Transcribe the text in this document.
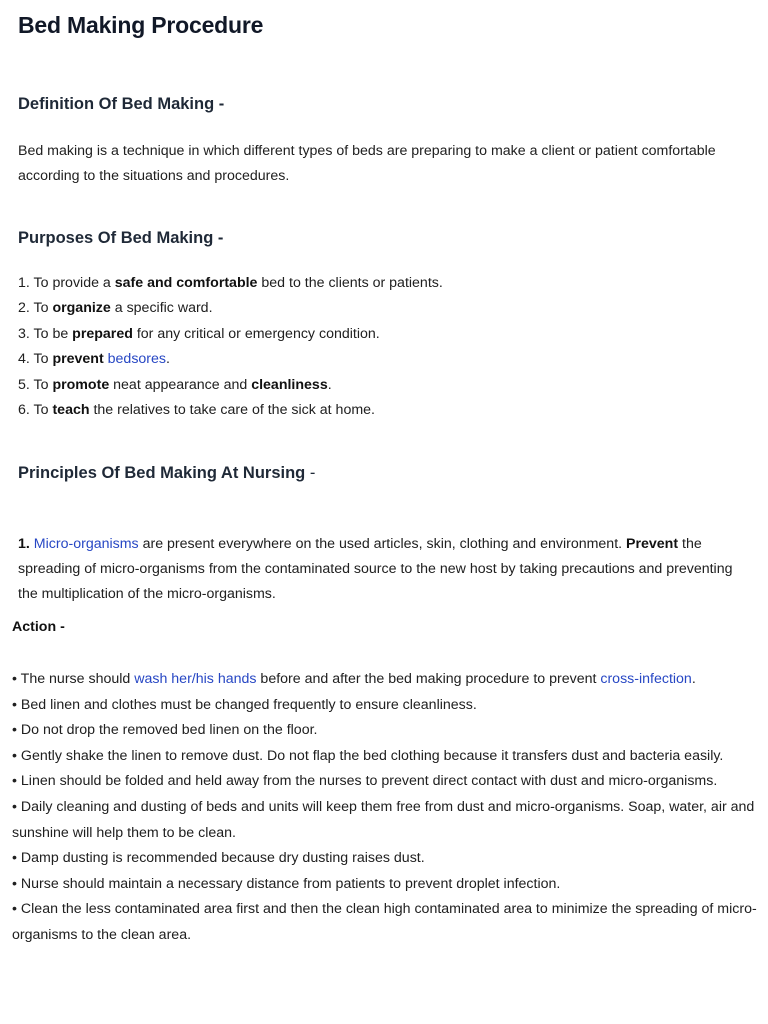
Bed Making Procedure
Definition Of Bed Making -

Bed making is a technique in which different types of beds are preparing to make a client or patient comfortable according to the situations and procedures.

Purposes Of Bed Making -
1. To provide a safe and comfortable bed to the clients or patients.
2. To organize a specific ward.
3. To be prepared for any critical or emergency condition.
4. To prevent bedsores.
5. To promote neat appearance and cleanliness.
6. To teach the relatives to take care of the sick at home.
Principles Of Bed Making At Nursing -

1. Micro-organisms are present everywhere on the used articles, skin, clothing and environment. Prevent the spreading of micro-organisms from the contaminated source to the new host by taking precautions and preventing the multiplication of the micro-organisms.

Action -

• The nurse should wash her/his hands before and after the bed making procedure to prevent cross-infection.
• Bed linen and clothes must be changed frequently to ensure cleanliness.
• Do not drop the removed bed linen on the floor.
• Gently shake the linen to remove dust. Do not flap the bed clothing because it transfers dust and bacteria easily.
• Linen should be folded and held away from the nurses to prevent direct contact with dust and micro-organisms.
• Daily cleaning and dusting of beds and units will keep them free from dust and micro-organisms. Soap, water, air and sunshine will help them to be clean.
• Damp dusting is recommended because dry dusting raises dust.
• Nurse should maintain a necessary distance from patients to prevent droplet infection.
• Clean the less contaminated area first and then the clean high contaminated area to minimize the spreading of micro-organisms to the clean area.
